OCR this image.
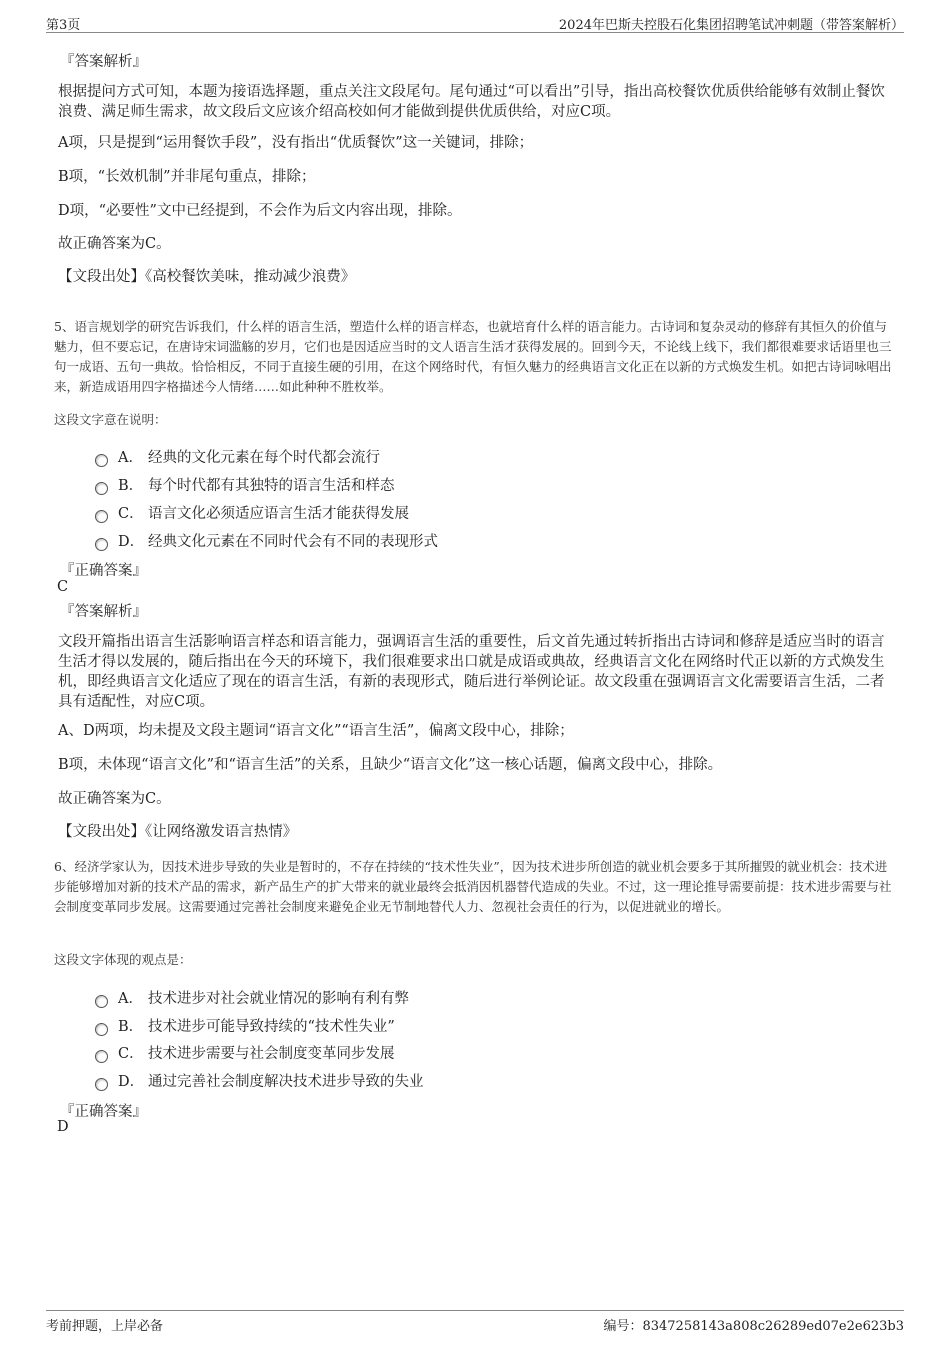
第3页	2024年巴斯夫控股石化集团招聘笔试冲刺题（带答案解析）
『答案解析』
根据提问方式可知，本题为接语选择题，重点关注文段尾句。尾句通过“可以看出”引导，指出高校餐饮优质供给能够有效制止餐饮浪费、满足师生需求，故文段后文应该介绍高校如何才能做到提供优质供给，对应C项。
A项，只是提到“运用餐饮手段”，没有指出“优质餐饮”这一关键词，排除；
B项，“长效机制”并非尾句重点，排除；
D项，“必要性”文中已经提到，不会作为后文内容出现，排除。
故正确答案为C。
【文段出处】《高校餐饮美味，推动减少浪费》
5、语言规划学的研究告诉我们，什么样的语言生活，塑造什么样的语言样态，也就培育什么样的语言能力。古诗词和复杂灵动的修辞有其恒久的价值与魅力，但不要忘记，在唐诗宋词滥觞的岁月，它们也是因适应当时的文人语言生活才获得发展的。回到今天，不论线上线下，我们都很难要求话语里也三句一成语、五句一典故。恰恰相反，不同于直接生硬的引用，在这个网络时代，有恒久魅力的经典语言文化正在以新的方式焕发生机。如把古诗词咏唱出来，新造成语用四字格描述今人情绪……如此种种不胜枚举。
这段文字意在说明：
A． 经典的文化元素在每个时代都会流行
B． 每个时代都有其独特的语言生活和样态
C． 语言文化必须适应语言生活才能获得发展
D． 经典文化元素在不同时代会有不同的表现形式
『正确答案』
C
『答案解析』
文段开篇指出语言生活影响语言样态和语言能力，强调语言生活的重要性，后文首先通过转折指出古诗词和修辞是适应当时的语言生活才得以发展的，随后指出在今天的环境下，我们很难要求出口就是成语或典故，经典语言文化在网络时代正以新的方式焕发生机，即经典语言文化适应了现在的语言生活，有新的表现形式，随后进行举例论证。故文段重在强调语言文化需要语言生活，二者具有适配性，对应C项。
A、D两项，均未提及文段主题词“语言文化”“语言生活”，偏离文段中心，排除；
B项，未体现“语言文化”和“语言生活”的关系，且缺少“语言文化”这一核心话题，偏离文段中心，排除。
故正确答案为C。
【文段出处】《让网络激发语言热情》
6、经济学家认为，因技术进步导致的失业是暂时的，不存在持续的“技术性失业”，因为技术进步所创造的就业机会要多于其所摧毁的就业机会：技术进步能够增加对新的技术产品的需求，新产品生产的扩大带来的就业最终会抵消因机器替代造成的失业。不过，这一理论推导需要前提：技术进步需要与社会制度变革同步发展。这需要通过完善社会制度来避免企业无节制地替代人力、忽视社会责任的行为，以促进就业的增长。
这段文字体现的观点是：
A． 技术进步对社会就业情况的影响有利有弊
B． 技术进步可能导致持续的“技术性失业”
C． 技术进步需要与社会制度变革同步发展
D． 通过完善社会制度解决技术进步导致的失业
『正确答案』
D
考前押题，上岸必备	编号：8347258143a808c26289ed07e2e623b3
